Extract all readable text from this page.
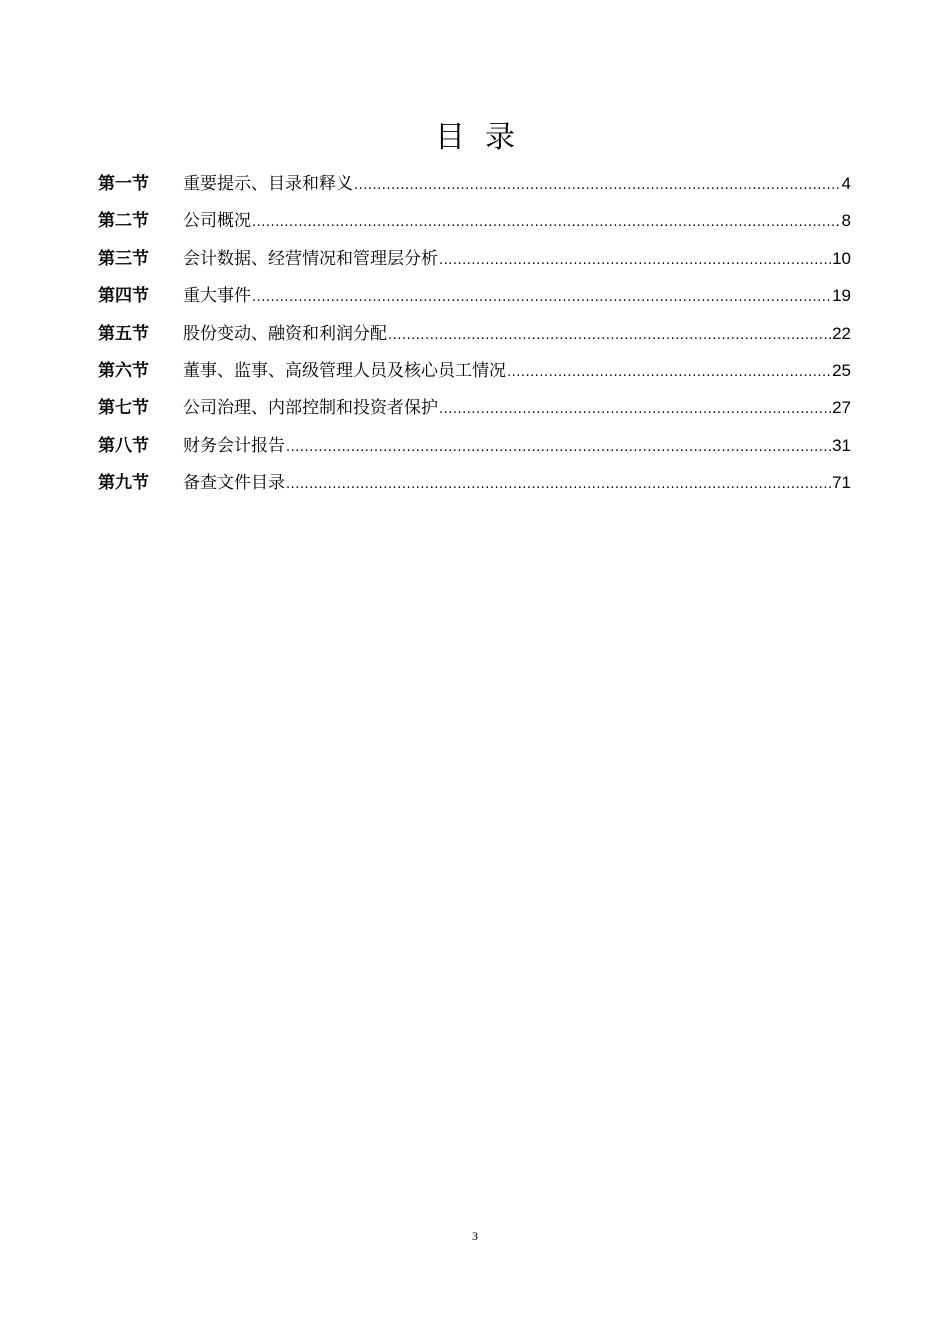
目录
第一节	重要提示、目录和释义 .....	4
第二节	公司概况 .....	8
第三节	会计数据、经营情况和管理层分析 .....	10
第四节	重大事件 .....	19
第五节	股份变动、融资和利润分配 .....	22
第六节	董事、监事、高级管理人员及核心员工情况 .....	25
第七节	公司治理、内部控制和投资者保护 .....	27
第八节	财务会计报告 .....	31
第九节	备查文件目录 .....	71
3
